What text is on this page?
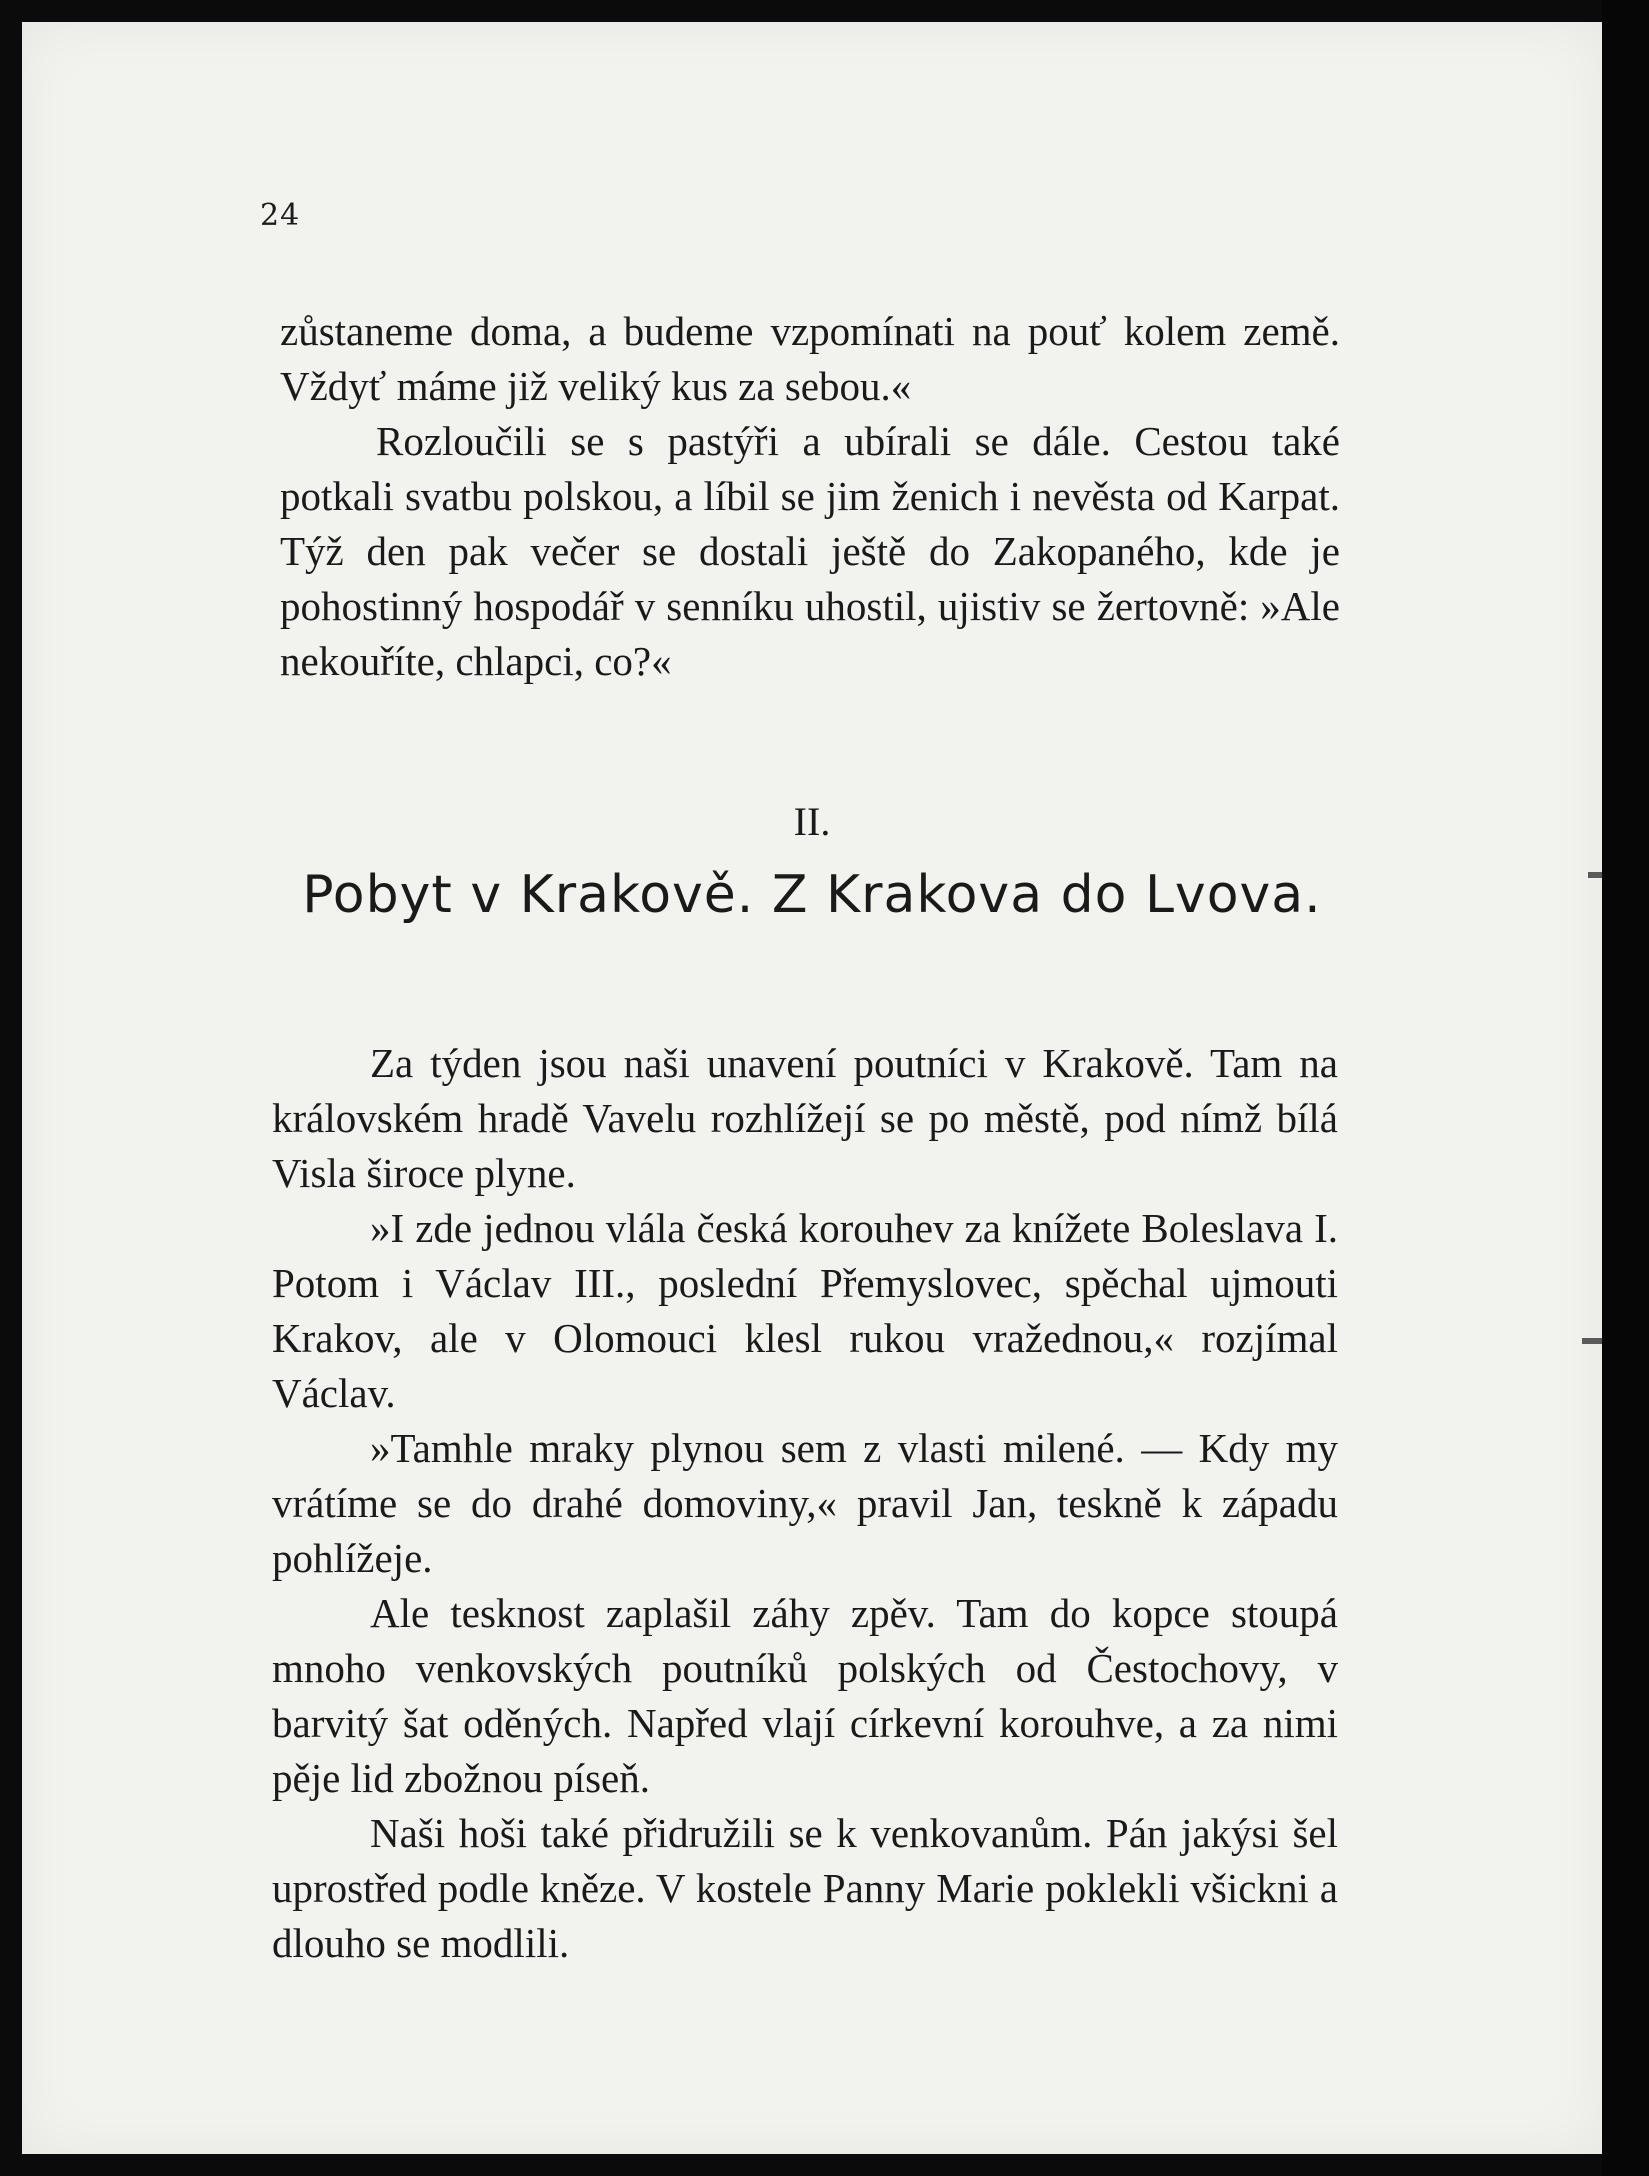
24

zůstaneme doma, a budeme vzpomínati na pouť kolem země. Vždyť máme již veliký kus za sebou.«

Rozloučili se s pastýři a ubírali se dále. Cestou také potkali svatbu polskou, a líbil se jim ženich i nevěsta od Karpat. Týž den pak večer se dostali ještě do Zakopaného, kde je pohostinný hospodář v senníku uhostil, ujistiv se žertovně: »Ale nekouříte, chlapci, co?«

II.
Pobyt v Krakově. Z Krakova do Lvova.

Za týden jsou naši unavení poutníci v Krakově. Tam na královském hradě Vavelu rozhlížejí se po městě, pod nímž bílá Visla široce plyne.

»I zde jednou vlála česká korouhev za knížete Boleslava I. Potom i Václav III., poslední Přemyslovec, spěchal ujmouti Krakov, ale v Olomouci klesl rukou vražednou,« rozjímal Václav.

»Tamhle mraky plynou sem z vlasti milené. — Kdy my vrátíme se do drahé domoviny,« pravil Jan, teskně k západu pohlížeje.

Ale tesknost zaplašil záhy zpěv. Tam do kopce stoupá mnoho venkovských poutníků polských od Čestochovy, v barvitý šat oděných. Napřed vlají církevní korouhve, a za nimi pěje lid zbožnou píseň.

Naši hoši také přidružili se k venkovanům. Pán jakýsi šel uprostřed podle kněze. V kostele Panny Marie poklekli všickni a dlouho se modlili.
